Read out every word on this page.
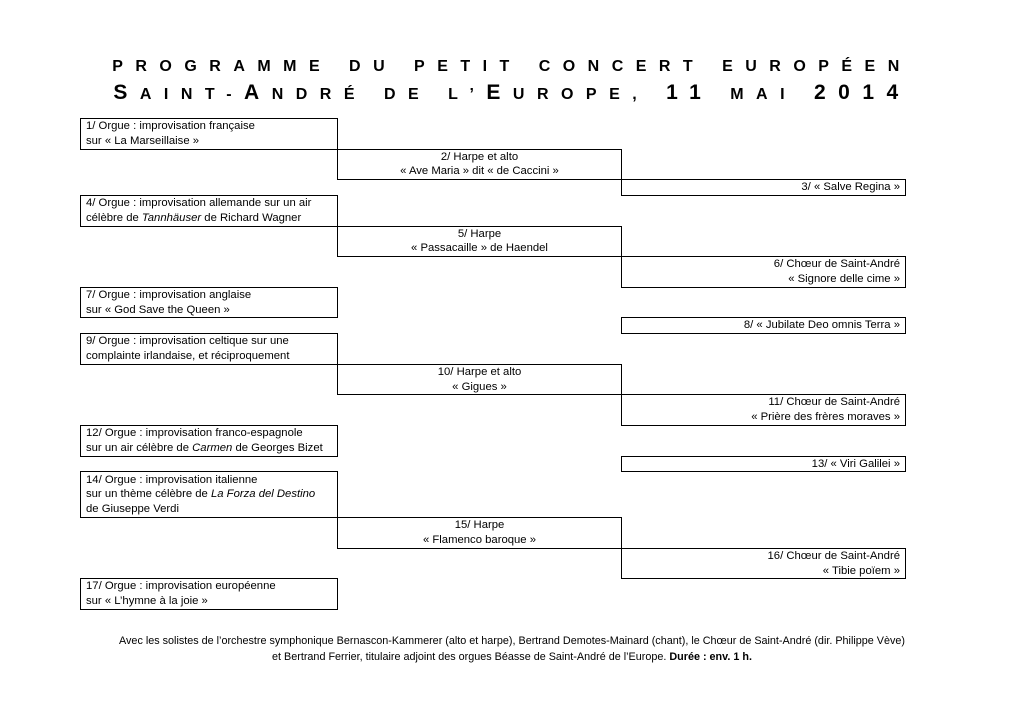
PROGRAMME DU PETIT CONCERT EUROPÉEN
SAINT-ANDRÉ DE L’EUROPE, 11 MAI 2014
1/ Orgue : improvisation française
sur « La Marseillaise »		

	2/ Harpe et alto
« Ave Maria » dit « de Caccini »	

		3/ « Salve Regina »

4/ Orgue : improvisation allemande sur un air
célèbre de Tannhäuser de Richard Wagner		

	5/ Harpe
« Passacaille » de Haendel	

		6/ Chœur de Saint-André
« Signore delle cime »

7/ Orgue : improvisation anglaise
sur « God Save the Queen »		

		8/ « Jubilate Deo omnis Terra »

9/ Orgue : improvisation celtique sur une
complainte irlandaise, et réciproquement		

	10/ Harpe et alto
« Gigues »	

		11/ Chœur de Saint-André
« Prière des frères moraves »

12/ Orgue : improvisation franco-espagnole
sur un air célèbre de Carmen de Georges Bizet		

		13/ « Viri Galilei »

14/ Orgue : improvisation italienne
sur un thème célèbre de La Forza del Destino
de Giuseppe Verdi		

	15/ Harpe
« Flamenco baroque »	

		16/ Chœur de Saint-André
« Tibie poïem »

17/ Orgue : improvisation européenne
sur « L’hymne à la joie »		

Avec les solistes de l’orchestre symphonique Bernascon-Kammerer (alto et harpe), Bertrand Demotes-Mainard (chant), le Chœur de Saint-André (dir. Philippe Vève)
et Bertrand Ferrier, titulaire adjoint des orgues Béasse de Saint-André de l’Europe. Durée : env. 1 h.
